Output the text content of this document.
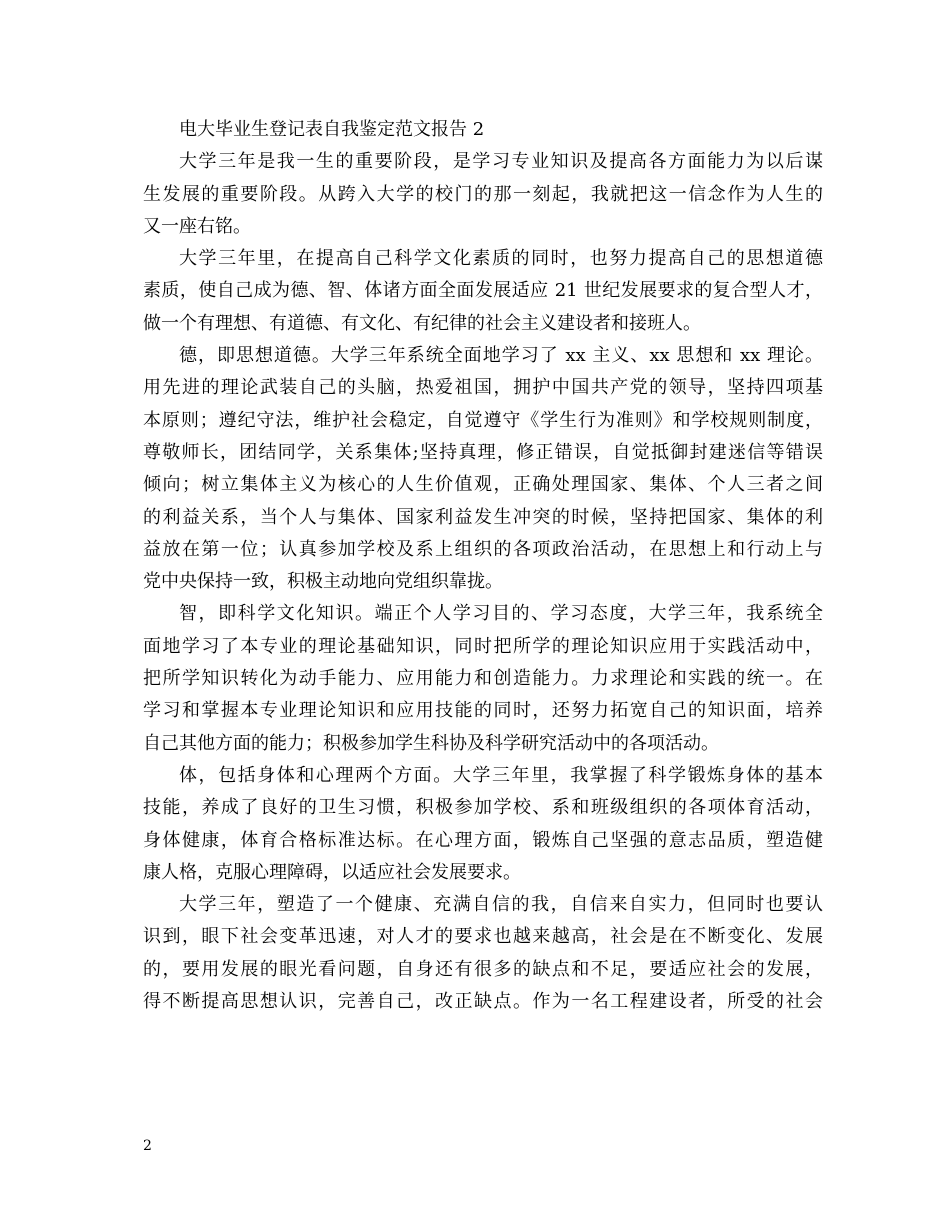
电大毕业生登记表自我鉴定范文报告 2
大学三年是我一生的重要阶段，是学习专业知识及提高各方面能力为以后谋
生发展的重要阶段。从跨入大学的校门的那一刻起，我就把这一信念作为人生的
又一座右铭。
大学三年里，在提高自己科学文化素质的同时，也努力提高自己的思想道德
素质，使自己成为德、智、体诸方面全面发展适应 21 世纪发展要求的复合型人才，
做一个有理想、有道德、有文化、有纪律的社会主义建设者和接班人。
德，即思想道德。大学三年系统全面地学习了 xx 主义、xx 思想和 xx 理论。
用先进的理论武装自己的头脑，热爱祖国，拥护中国共产党的领导，坚持四项基
本原则；遵纪守法，维护社会稳定，自觉遵守《学生行为准则》和学校规则制度，
尊敬师长，团结同学，关系集体;坚持真理，修正错误，自觉抵御封建迷信等错误
倾向；树立集体主义为核心的人生价值观，正确处理国家、集体、个人三者之间
的利益关系，当个人与集体、国家利益发生冲突的时候，坚持把国家、集体的利
益放在第一位；认真参加学校及系上组织的各项政治活动，在思想上和行动上与
党中央保持一致，积极主动地向党组织靠拢。
智，即科学文化知识。端正个人学习目的、学习态度，大学三年，我系统全
面地学习了本专业的理论基础知识，同时把所学的理论知识应用于实践活动中，
把所学知识转化为动手能力、应用能力和创造能力。力求理论和实践的统一。在
学习和掌握本专业理论知识和应用技能的同时，还努力拓宽自己的知识面，培养
自己其他方面的能力；积极参加学生科协及科学研究活动中的各项活动。
体，包括身体和心理两个方面。大学三年里，我掌握了科学锻炼身体的基本
技能，养成了良好的卫生习惯，积极参加学校、系和班级组织的各项体育活动，
身体健康，体育合格标准达标。在心理方面，锻炼自己坚强的意志品质，塑造健
康人格，克服心理障碍，以适应社会发展要求。
大学三年，塑造了一个健康、充满自信的我，自信来自实力，但同时也要认
识到，眼下社会变革迅速，对人才的要求也越来越高，社会是在不断变化、发展
的，要用发展的眼光看问题，自身还有很多的缺点和不足，要适应社会的发展，
得不断提高思想认识，完善自己，改正缺点。作为一名工程建设者，所受的社会
2
